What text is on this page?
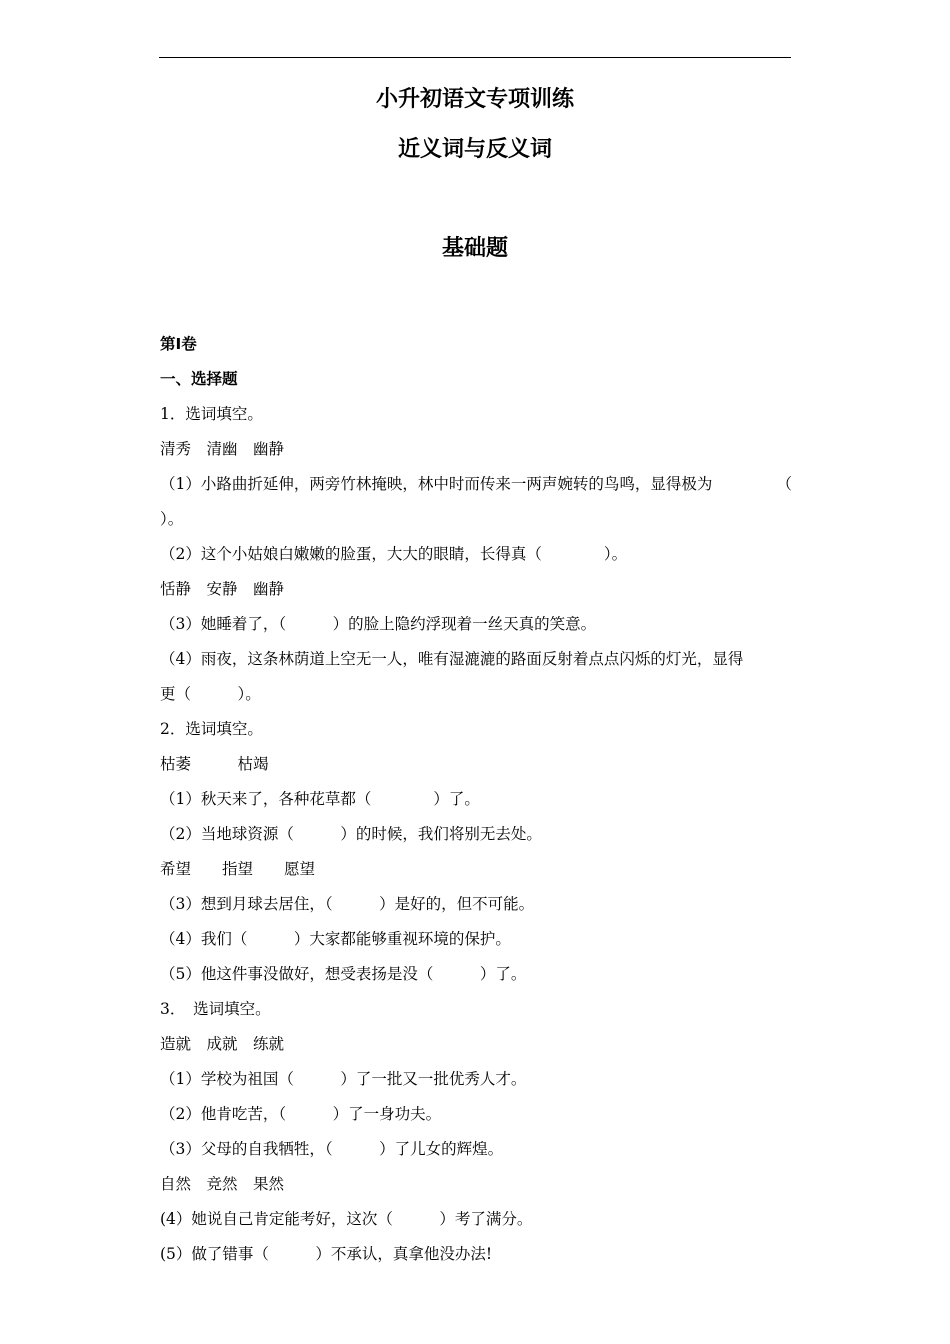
小升初语文专项训练
近义词与反义词
基础题

第Ⅰ卷

一、选择题

1．选词填空。

清秀　清幽　幽静

（1）小路曲折延伸，两旁竹林掩映，林中时而传来一两声婉转的鸟鸣，显得极为	（

）。

（2）这个小姑娘白嫩嫩的脸蛋，大大的眼睛，长得真（　　　　）。

恬静　安静　幽静

（3）她睡着了，（　　　）的脸上隐约浮现着一丝天真的笑意。

（4）雨夜，这条林荫道上空无一人，唯有湿漉漉的路面反射着点点闪烁的灯光，显得

更（　　　）。

2．选词填空。

枯萎　　　枯竭

（1）秋天来了，各种花草都（　　　　）了。

（2）当地球资源（　　　）的时候，我们将别无去处。

希望　　指望　　愿望

（3）想到月球去居住，（　　　）是好的，但不可能。

（4）我们（　　　）大家都能够重视环境的保护。

（5）他这件事没做好，想受表扬是没（　　　）了。

3．　选词填空。

造就　成就　练就

（1）学校为祖国（　　　）了一批又一批优秀人才。

（2）他肯吃苦，（　　　）了一身功夫。

（3）父母的自我牺牲，（　　　）了儿女的辉煌。

自然　竞然　果然

(4）她说自己肯定能考好，这次（　　　）考了满分。

(5）做了错事（　　　）不承认，真拿他没办法!
